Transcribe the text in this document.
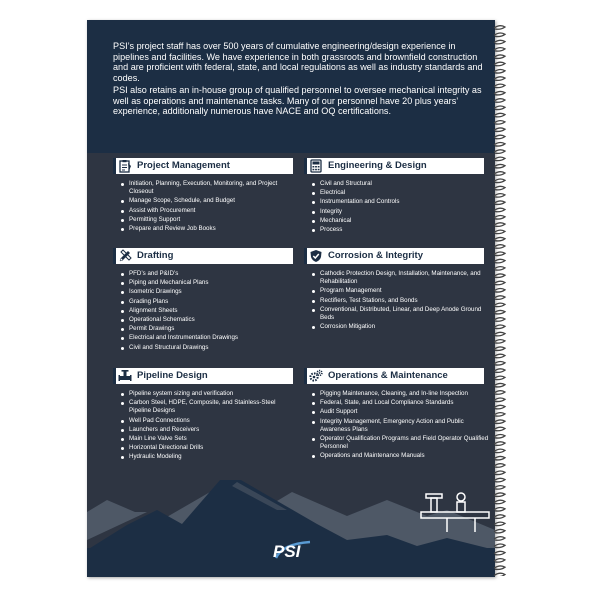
PSI’s project staff has over 500 years of cumulative engineering/design experience in pipelines and facilities. We have experience in both grassroots and brownfield construction and are proficient with federal, state, and local regulations as well as industry standards and codes.

PSI also retains an in-house group of qualified personnel to oversee mechanical integrity as well as operations and maintenance tasks. Many of our personnel have 20 plus years’ experience, additionally numerous have NACE and OQ certifications.

Project Management
Initiation, Planning, Execution, Monitoring, and Project Closeout
Manage Scope, Schedule, and Budget
Assist with Procurement
Permitting Support
Prepare and Review Job Books
Engineering & Design
Civil and Structural
Electrical
Instrumentation and Controls
Integrity
Mechanical
Process
Drafting
PFD’s and P&ID’s
Piping and Mechanical Plans
Isometric Drawings
Grading Plans
Alignment Sheets
Operational Schematics
Permit Drawings
Electrical and Instrumentation Drawings
Civil and Structural Drawings
Corrosion & Integrity
Cathodic Protection Design, Installation, Maintenance, and Rehabilitation
Program Management
Rectifiers, Test Stations, and Bonds
Conventional, Distributed, Linear, and Deep Anode Ground Beds
Corrosion Mitigation
Pipeline Design
Pipeline system sizing and verification
Carbon Steel, HDPE, Composite, and Stainless-Steel Pipeline Designs
Well Pad Connections
Launchers and Receivers
Main Line Valve Sets
Horizontal Directional Drills
Hydraulic Modeling
Operations & Maintenance
Pigging Maintenance, Cleaning, and In-line Inspection
Federal, State, and Local Compliance Standards
Audit Support
Integrity Management, Emergency Action and Public Awareness Plans
Operator Qualification Programs and Field Operator Qualified Personnel
Operations and Maintenance Manuals
PSI
